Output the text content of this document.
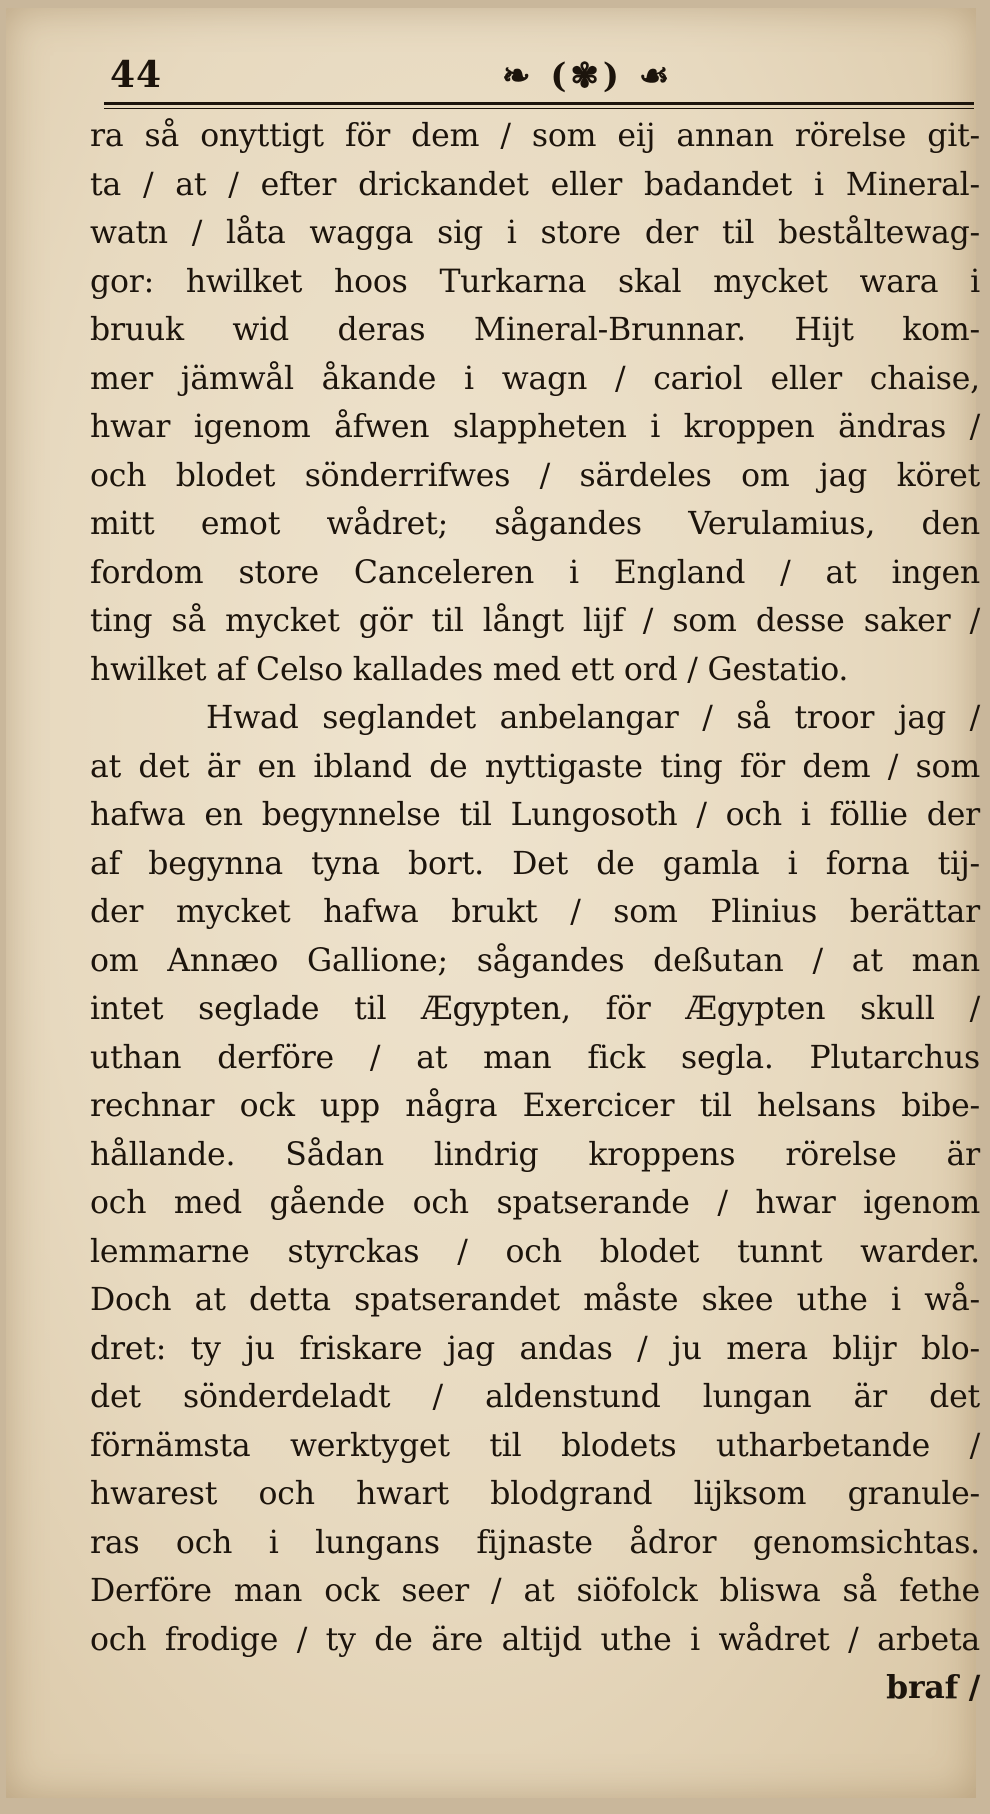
44	❧ (✾) ☙
ra så onyttigt för dem / som eij annan rörelse git-
ta / at / efter drickandet eller badandet i Mineral-
watn / låta wagga sig i store der til beståltewag-
gor: hwilket hoos Turkarna skal mycket wara i
bruuk wid deras Mineral-Brunnar. Hijt kom-
mer jämwål åkande i wagn / cariol eller chaise,
hwar igenom åfwen slappheten i kroppen ändras /
och blodet sönderrifwes / särdeles om jag köret
mitt emot wådret; sågandes Verulamius, den
fordom store Canceleren i England / at ingen
ting så mycket gör til långt lijf / som desse saker /
hwilket af Celso kallades med ett ord / Gestatio.
Hwad seglandet anbelangar / så troor jag /
at det är en ibland de nyttigaste ting för dem / som
hafwa en begynnelse til Lungosoth / och i föllie der
af begynna tyna bort. Det de gamla i forna tij-
der mycket hafwa brukt / som Plinius berättar
om Annæo Gallione; sågandes deßutan / at man
intet seglade til Ægypten, för Ægypten skull /
uthan derföre / at man fick segla. Plutarchus
rechnar ock upp några Exercicer til helsans bibe-
hållande. Sådan lindrig kroppens rörelse är
och med gående och spatserande / hwar igenom
lemmarne styrckas / och blodet tunnt warder.
Doch at detta spatserandet måste skee uthe i wå-
dret: ty ju friskare jag andas / ju mera blijr blo-
det sönderdeladt / aldenstund lungan är det
förnämsta werktyget til blodets utharbetande /
hwarest och hwart blodgrand lijksom granule-
ras och i lungans fijnaste ådror genomsichtas.
Derföre man ock seer / at siöfolck bliswa så fethe
och frodige / ty de äre altijd uthe i wådret / arbeta
braf /
